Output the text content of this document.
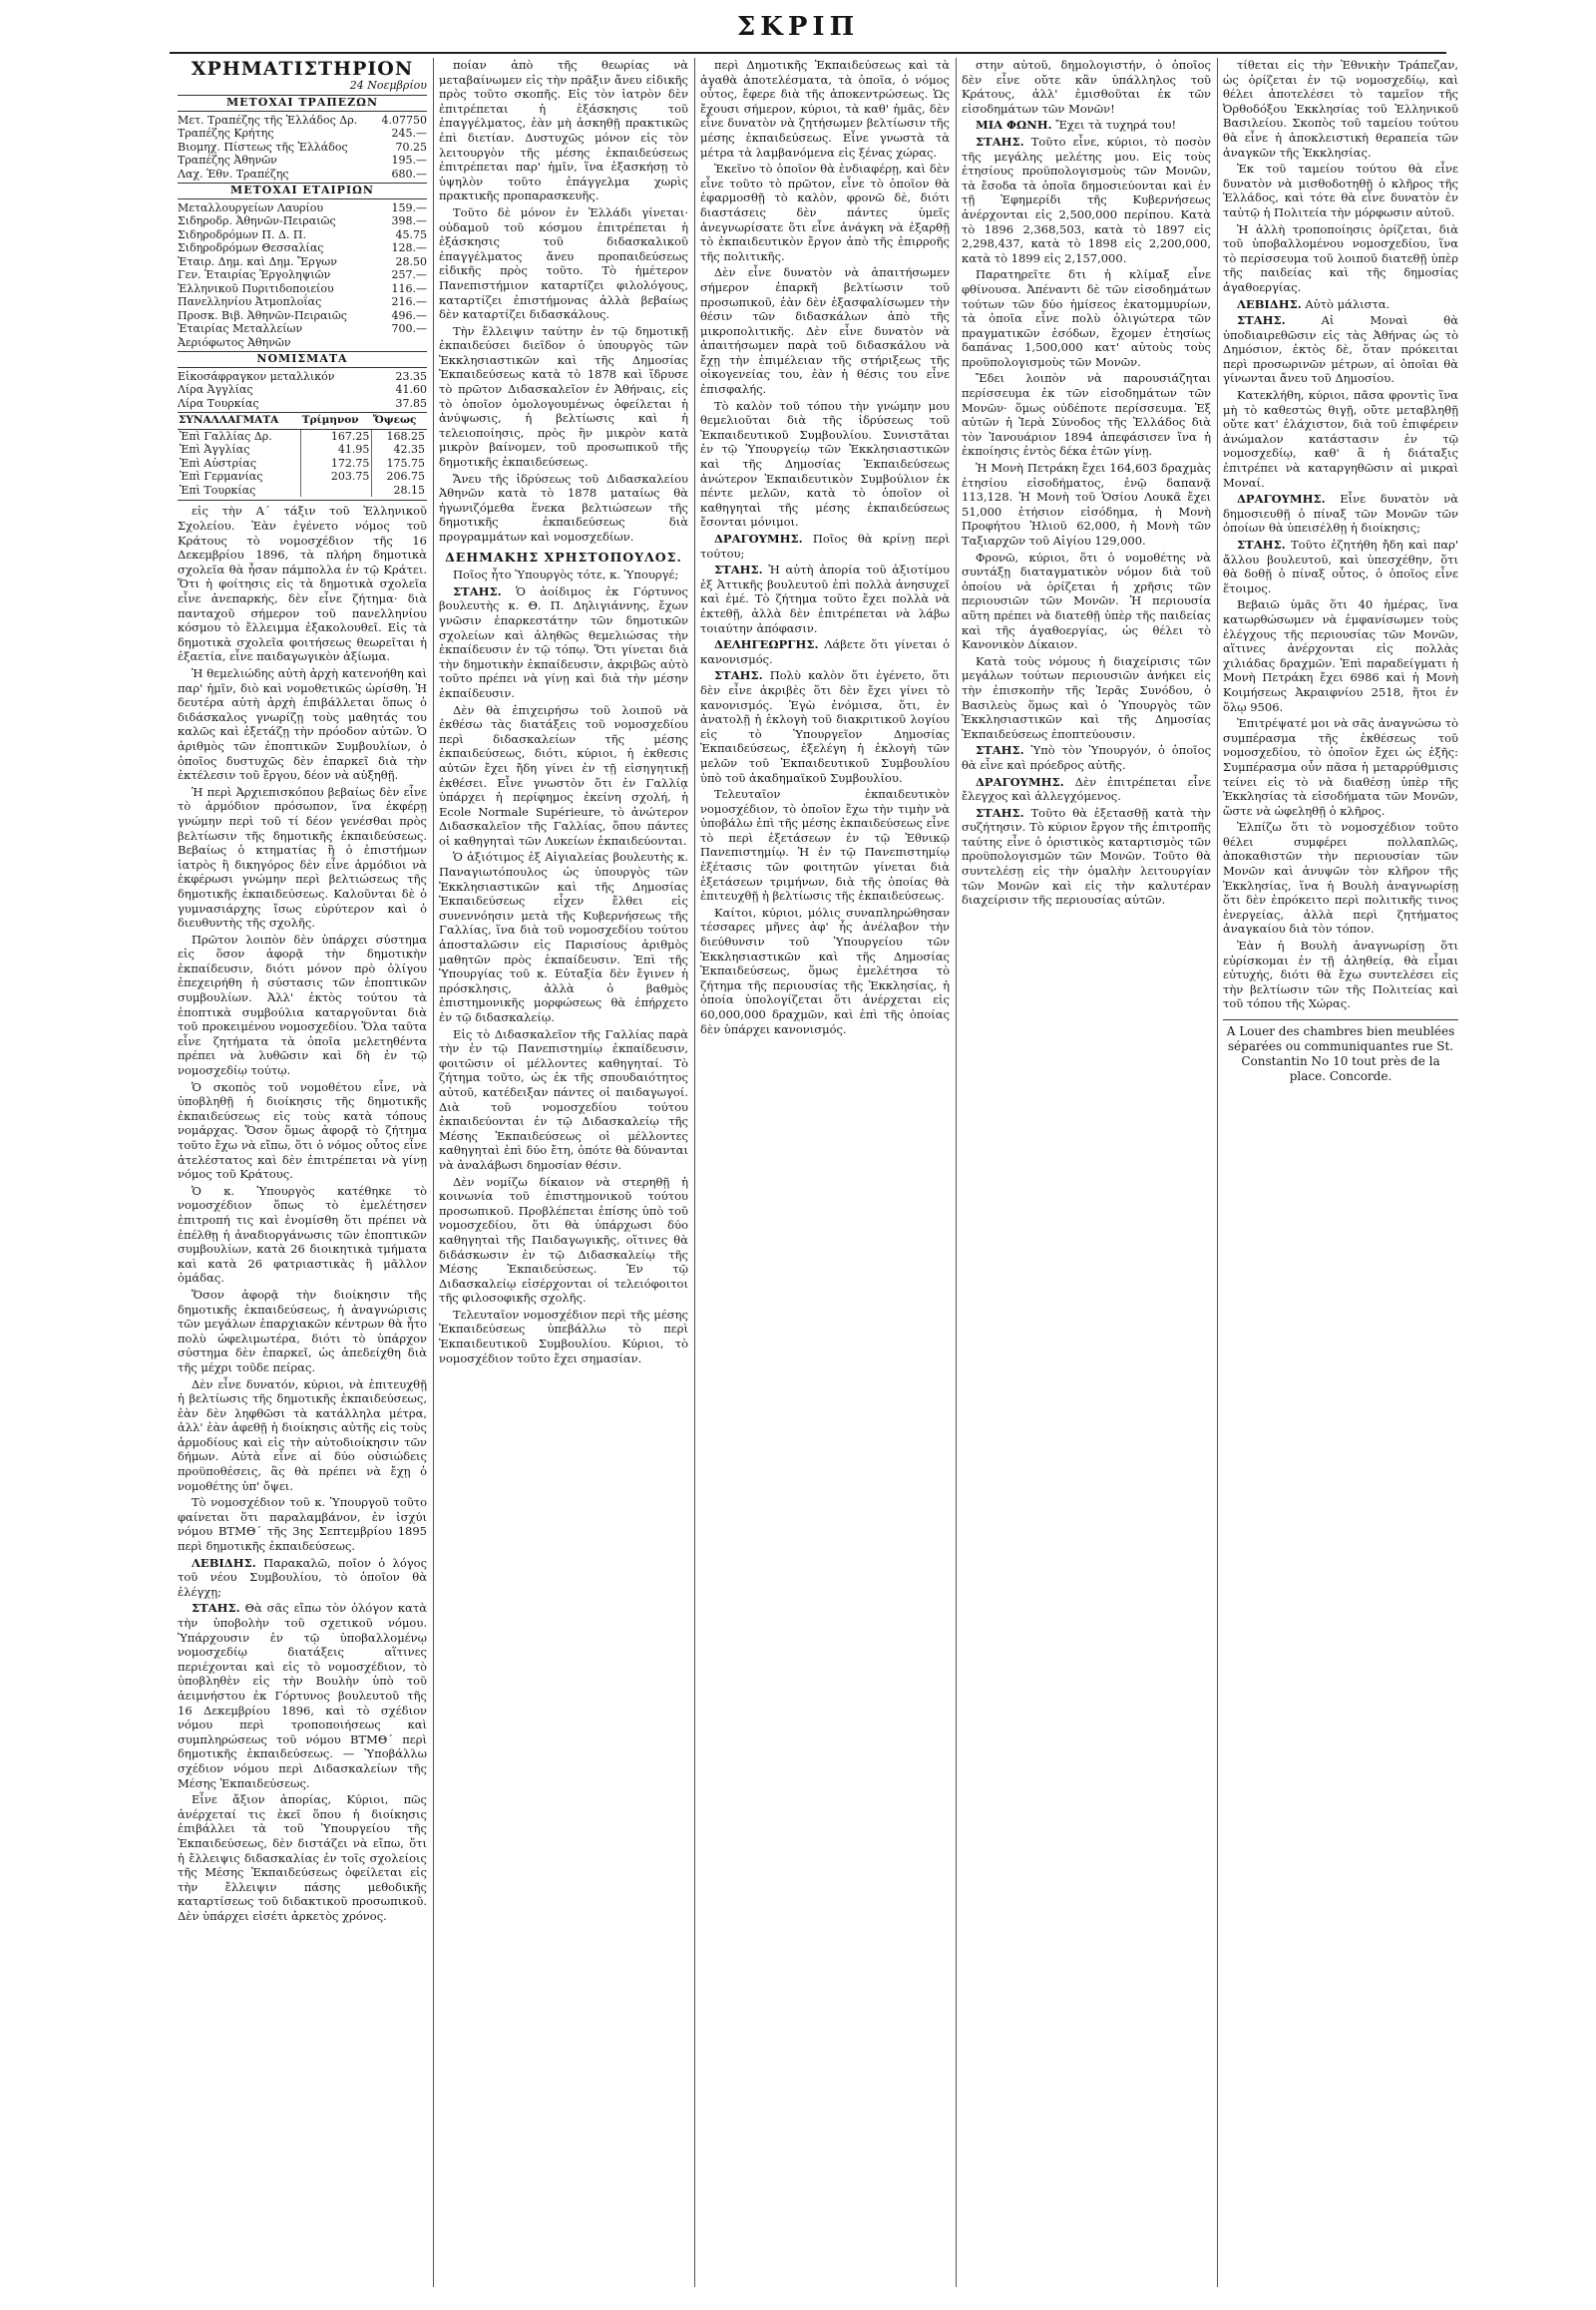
ΣΚΡΙΠ
ΧΡΗΜΑΤΙΣΤΗΡΙΟΝ
24 Νοεμβρίου
ΜΕΤΟΧΑΙ ΤΡΑΠΕΖΩΝ
Μετ. Τραπέζης τῆς Ἑλλάδος Δρ.	4.07750
Τραπέζης Κρήτης	245.—
Βιομηχ. Πίστεως τῆς Ἑλλάδος	70.25
Τραπέζης Ἀθηνῶν	195.—
Λαχ. Ἐθν. Τραπέζης	680.—
ΜΕΤΟΧΑΙ ΕΤΑΙΡΙΩΝ
Μεταλλουργείων Λαυρίου	159.—
Σιδηροδρ. Ἀθηνῶν-Πειραιῶς	398.—
Σιδηροδρόμων Π. Δ. Π.	45.75
Σιδηροδρόμων Θεσσαλίας	128.—
Ἐταιρ. Δημ. καὶ Δημ. Ἔργων	28.50
Γεν. Ἐταιρίας Ἐργοληψιῶν	257.—
Ἑλληνικοῦ Πυριτιδοποιείου	116.—
Πανελληνίου Ἀτμοπλοΐας	216.—
Προσκ. Βιβ. Ἀθηνῶν-Πειραιῶς	496.—
Ἐταιρίας Μεταλλείων	700.—
Ἀεριόφωτος Ἀθηνῶν	
ΝΟΜΙΣΜΑΤΑ
Εἰκοσάφραγκον μεταλλικόν	23.35
Λίρα Ἀγγλίας	41.60
Λίρα Τουρκίας	37.85
ΣΥΝΑΛΛΑΓΜΑΤΑ	Τρίμηνον	Ὄψεως
Ἐπὶ Γαλλίας Δρ.	167.25	168.25
Ἐπὶ Ἀγγλίας	41.95	42.35
Ἐπὶ Αὐστρίας	172.75	175.75
Ἐπὶ Γερμανίας	203.75	206.75
Ἐπὶ Τουρκίας		28.15

εἰς τὴν Α΄ τάξιν τοῦ Ἑλληνικοῦ Σχολείου. Ἐὰν ἐγένετο νόμος τοῦ Κράτους τὸ νομοσχέδιον τῆς 16 Δεκεμβρίου 1896, τὰ πλήρη δημοτικὰ σχολεῖα θὰ ἦσαν πάμπολλα ἐν τῷ Κράτει. Ὅτι ἡ φοίτησις εἰς τὰ δημοτικὰ σχολεῖα εἶνε ἀνεπαρκής, δὲν εἶνε ζήτημα· διὰ πανταχοῦ σήμερον τοῦ πανελληνίου κόσμου τὸ ἔλλειμμα ἐξακολουθεῖ. Εἰς τὰ δημοτικὰ σχολεῖα φοιτήσεως θεωρεῖται ἡ ἐξαετία, εἶνε παιδαγωγικὸν ἀξίωμα.

Ἡ θεμελιώδης αὐτὴ ἀρχὴ κατενοήθη καὶ παρ' ἡμῖν, διὸ καὶ νομοθετικῶς ὠρίσθη. Ἡ δευτέρα αὐτὴ ἀρχὴ ἐπιβάλλεται ὅπως ὁ διδάσκαλος γνωρίζῃ τοὺς μαθητάς του καλῶς καὶ ἐξετάζῃ τὴν πρόοδον αὐτῶν. Ὁ ἀριθμὸς τῶν ἐποπτικῶν Συμβουλίων, ὁ ὁποῖος δυστυχῶς δὲν ἐπαρκεῖ διὰ τὴν ἐκτέλεσιν τοῦ ἔργου, δέον νὰ αὐξηθῇ.

Ἡ περὶ Ἀρχιεπισκόπου βεβαίως δὲν εἶνε τὸ ἁρμόδιον πρόσωπον, ἵνα ἐκφέρῃ γνώμην περὶ τοῦ τί δέον γενέσθαι πρὸς βελτίωσιν τῆς δημοτικῆς ἐκπαιδεύσεως. Βεβαίως ὁ κτηματίας ἢ ὁ ἐπιστήμων ἰατρὸς ἢ δικηγόρος δὲν εἶνε ἁρμόδιοι νὰ ἐκφέρωσι γνώμην περὶ βελτιώσεως τῆς δημοτικῆς ἐκπαιδεύσεως. Καλοῦνται δὲ ὁ γυμνασιάρχης ἴσως εὐρύτερον καὶ ὁ διευθυντὴς τῆς σχολῆς.

Πρῶτον λοιπὸν δὲν ὑπάρχει σύστημα εἰς ὅσον ἀφορᾷ τὴν δημοτικὴν ἐκπαίδευσιν, διότι μόνον πρὸ ὀλίγου ἐπεχειρήθη ἡ σύστασις τῶν ἐποπτικῶν συμβουλίων. Ἀλλ' ἐκτὸς τούτου τὰ ἐποπτικὰ συμβούλια καταργοῦνται διὰ τοῦ προκειμένου νομοσχεδίου. Ὅλα ταῦτα εἶνε ζητήματα τὰ ὁποῖα μελετηθέντα πρέπει νὰ λυθῶσιν καὶ δὴ ἐν τῷ νομοσχεδίῳ τούτῳ.

Ὁ σκοπὸς τοῦ νομοθέτου εἶνε, νὰ ὑποβληθῇ ἡ διοίκησις τῆς δημοτικῆς ἐκπαιδεύσεως εἰς τοὺς κατὰ τόπους νομάρχας. Ὅσον ὅμως ἀφορᾷ τὸ ζήτημα τοῦτο ἔχω νὰ εἴπω, ὅτι ὁ νόμος οὗτος εἶνε ἀτελέστατος καὶ δὲν ἐπιτρέπεται νὰ γίνῃ νόμος τοῦ Κράτους.

Ὁ κ. Ὑπουργὸς κατέθηκε τὸ νομοσχέδιον ὅπως τὸ ἐμελέτησεν ἐπιτροπή τις καὶ ἐνομίσθη ὅτι πρέπει νὰ ἐπέλθῃ ἡ ἀναδιοργάνωσις τῶν ἐποπτικῶν συμβουλίων, κατὰ 26 διοικητικὰ τμήματα καὶ κατὰ 26 φατριαστικὰς ἢ μᾶλλον ὁμάδας.

Ὅσον ἀφορᾷ τὴν διοίκησιν τῆς δημοτικῆς ἐκπαιδεύσεως, ἡ ἀναγνώρισις τῶν μεγάλων ἐπαρχιακῶν κέντρων θὰ ἦτο πολὺ ὠφελιμωτέρα, διότι τὸ ὑπάρχον σύστημα δὲν ἐπαρκεῖ, ὡς ἀπεδείχθη διὰ τῆς μέχρι τοῦδε πείρας.

Δὲν εἶνε δυνατόν, κύριοι, νὰ ἐπιτευχθῇ ἡ βελτίωσις τῆς δημοτικῆς ἐκπαιδεύσεως, ἐὰν δὲν ληφθῶσι τὰ κατάλληλα μέτρα, ἀλλ' ἐὰν ἀφεθῇ ἡ διοίκησις αὐτῆς εἰς τοὺς ἀρμοδίους καὶ εἰς τὴν αὐτοδιοίκησιν τῶν δήμων. Αὐτὰ εἶνε αἱ δύο οὐσιώδεις προϋποθέσεις, ἃς θὰ πρέπει νὰ ἔχῃ ὁ νομοθέτης ὑπ' ὄψει.

Τὸ νομοσχέδιον τοῦ κ. Ὑπουργοῦ τοῦτο φαίνεται ὅτι παραλαμβάνον, ἐν ἰσχύι νόμου ΒΤΜΘ΄ τῆς 3ης Σεπτεμβρίου 1895 περὶ δημοτικῆς ἐκπαιδεύσεως.

ΛΕΒΙΔΗΣ. Παρακαλῶ, ποῖον ὁ λόγος τοῦ νέου Συμβουλίου, τὸ ὁποῖον θὰ ἐλέγχῃ;

ΣΤΑΗΣ. Θὰ σᾶς εἴπω τὸν ὁλόγον κατὰ τὴν ὑποβολὴν τοῦ σχετικοῦ νόμου. Ὑπάρχουσιν ἐν τῷ ὑποβαλλομένῳ νομοσχεδίῳ διατάξεις αἵτινες περιέχονται καὶ εἰς τὸ νομοσχέδιον, τὸ ὑποβληθὲν εἰς τὴν Βουλὴν ὑπὸ τοῦ ἀειμνήστου ἐκ Γόρτυνος βουλευτοῦ τῆς 16 Δεκεμβρίου 1896, καὶ τὸ σχέδιον νόμου περὶ τροποποιήσεως καὶ συμπληρώσεως τοῦ νόμου ΒΤΜΘ΄ περὶ δημοτικῆς ἐκπαιδεύσεως. — Ὑποβάλλω σχέδιον νόμου περὶ Διδασκαλείων τῆς Μέσης Ἐκπαιδεύσεως.

Εἶνε ἄξιον ἀπορίας, Κύριοι, πῶς ἀνέρχεταί τις ἐκεῖ ὅπου ἡ διοίκησις ἐπιβάλλει τὰ τοῦ Ὑπουργείου τῆς Ἐκπαιδεύσεως, δὲν διστάζει νὰ εἴπω, ὅτι ἡ ἔλλειψις διδασκαλίας ἐν τοῖς σχολείοις τῆς Μέσης Ἐκπαιδεύσεως ὀφείλεται εἰς τὴν ἔλλειψιν πάσης μεθοδικῆς καταρτίσεως τοῦ διδακτικοῦ προσωπικοῦ. Δὲν ὑπάρχει εἰσέτι ἀρκετὸς χρόνος.

ποίαν ἀπὸ τῆς θεωρίας νὰ μεταβαίνωμεν εἰς τὴν πρᾶξιν ἄνευ εἰδικῆς πρὸς τοῦτο σκοπῆς. Εἰς τὸν ἰατρὸν δὲν ἐπιτρέπεται ἡ ἐξάσκησις τοῦ ἐπαγγέλματος, ἐὰν μὴ ἀσκηθῇ πρακτικῶς ἐπὶ διετίαν. Δυστυχῶς μόνον εἰς τὸν λειτουργὸν τῆς μέσης ἐκπαιδεύσεως ἐπιτρέπεται παρ' ἡμῖν, ἵνα ἐξασκήσῃ τὸ ὑψηλὸν τοῦτο ἐπάγγελμα χωρὶς πρακτικῆς προπαρασκευῆς.

Τοῦτο δὲ μόνον ἐν Ἑλλάδι γίνεται· οὐδαμοῦ τοῦ κόσμου ἐπιτρέπεται ἡ ἐξάσκησις τοῦ διδασκαλικοῦ ἐπαγγέλματος ἄνευ προπαιδεύσεως εἰδικῆς πρὸς τοῦτο. Τὸ ἡμέτερον Πανεπιστήμιον καταρτίζει φιλολόγους, καταρτίζει ἐπιστήμονας ἀλλὰ βεβαίως δὲν καταρτίζει διδασκάλους.

Τὴν ἔλλειψιν ταύτην ἐν τῷ δημοτικῇ ἐκπαιδεύσει διεῖδον ὁ ὑπουργὸς τῶν Ἐκκλησιαστικῶν καὶ τῆς Δημοσίας Ἐκπαιδεύσεως κατὰ τὸ 1878 καὶ ἵδρυσε τὸ πρῶτον Διδασκαλεῖον ἐν Ἀθήναις, εἰς τὸ ὁποῖον ὁμολογουμένως ὀφείλεται ἡ ἀνύψωσις, ἡ βελτίωσις καὶ ἡ τελειοποίησις, πρὸς ἣν μικρὸν κατὰ μικρὸν βαίνομεν, τοῦ προσωπικοῦ τῆς δημοτικῆς ἐκπαιδεύσεως.

Ἄνευ τῆς ἱδρύσεως τοῦ Διδασκαλείου Ἀθηνῶν κατὰ τὸ 1878 ματαίως θὰ ἠγωνιζόμεθα ἕνεκα βελτιώσεων τῆς δημοτικῆς ἐκπαιδεύσεως διὰ προγραμμάτων καὶ νομοσχεδίων.

ΔΕΗΜΑΚΗΣ ΧΡΗΣΤΟΠΟΥΛΟΣ.

Ποῖος ἦτο Ὑπουργὸς τότε, κ. Ὑπουργέ;

ΣΤΑΗΣ. Ὁ ἀοίδιμος ἐκ Γόρτυνος βουλευτὴς κ. Θ. Π. Δηλιγιάννης, ἔχων γνῶσιν ἐπαρκεστάτην τῶν δημοτικῶν σχολείων καὶ ἀληθῶς θεμελιώσας τὴν ἐκπαίδευσιν ἐν τῷ τόπῳ. Ὅτι γίνεται διὰ τὴν δημοτικὴν ἐκπαίδευσιν, ἀκριβῶς αὐτὸ τοῦτο πρέπει νὰ γίνῃ καὶ διὰ τὴν μέσην ἐκπαίδευσιν.

Δὲν θὰ ἐπιχειρήσω τοῦ λοιποῦ νὰ ἐκθέσω τὰς διατάξεις τοῦ νομοσχεδίου περὶ διδασκαλείων τῆς μέσης ἐκπαιδεύσεως, διότι, κύριοι, ἡ ἐκθεσις αὐτῶν ἔχει ἤδη γίνει ἐν τῇ εἰσηγητικῇ ἐκθέσει. Εἶνε γνωστὸν ὅτι ἐν Γαλλίᾳ ὑπάρχει ἡ περίφημος ἐκείνη σχολή, ἡ Ecole Normale Supérieure, τὸ ἀνώτερον Διδασκαλεῖον τῆς Γαλλίας, ὅπου πάντες οἱ καθηγηταὶ τῶν Λυκείων ἐκπαιδεύονται.

Ὁ ἀξιότιμος ἐξ Αἰγιαλείας βουλευτὴς κ. Παναγιωτόπουλος ὡς ὑπουργὸς τῶν Ἐκκλησιαστικῶν καὶ τῆς Δημοσίας Ἐκπαιδεύσεως εἶχεν ἔλθει εἰς συνεννόησιν μετὰ τῆς Κυβερνήσεως τῆς Γαλλίας, ἵνα διὰ τοῦ νομοσχεδίου τούτου ἀποσταλῶσιν εἰς Παρισίους ἀριθμὸς μαθητῶν πρὸς ἐκπαίδευσιν. Ἐπὶ τῆς Ὑπουργίας τοῦ κ. Εὐταξία δὲν ἔγινεν ἡ πρόσκλησις, ἀλλὰ ὁ βαθμὸς ἐπιστημονικῆς μορφώσεως θὰ ἐπήρχετο ἐν τῷ διδασκαλείῳ.

Εἰς τὸ Διδασκαλεῖον τῆς Γαλλίας παρὰ τὴν ἐν τῷ Πανεπιστημίῳ ἐκπαίδευσιν, φοιτῶσιν οἱ μέλλοντες καθηγηταί. Τὸ ζήτημα τοῦτο, ὡς ἐκ τῆς σπουδαιότητος αὐτοῦ, κατέδειξαν πάντες οἱ παιδαγωγοί. Διὰ τοῦ νομοσχεδίου τούτου ἐκπαιδεύονται ἐν τῷ Διδασκαλείῳ τῆς Μέσης Ἐκπαιδεύσεως οἱ μέλλοντες καθηγηταὶ ἐπὶ δύο ἔτη, ὁπότε θὰ δύνανται νὰ ἀναλάβωσι δημοσίαν θέσιν.

Δὲν νομίζω δίκαιον νὰ στερηθῇ ἡ κοινωνία τοῦ ἐπιστημονικοῦ τούτου προσωπικοῦ. Προβλέπεται ἐπίσης ὑπὸ τοῦ νομοσχεδίου, ὅτι θὰ ὑπάρχωσι δύο καθηγηταὶ τῆς Παιδαγωγικῆς, οἵτινες θὰ διδάσκωσιν ἐν τῷ Διδασκαλείῳ τῆς Μέσης Ἐκπαιδεύσεως. Ἐν τῷ Διδασκαλείῳ εἰσέρχονται οἱ τελειόφοιτοι τῆς φιλοσοφικῆς σχολῆς.

Τελευταῖον νομοσχέδιον περὶ τῆς μέσης Ἐκπαιδεύσεως ὑπεβάλλω τὸ περὶ Ἐκπαιδευτικοῦ Συμβουλίου. Κύριοι, τὸ νομοσχέδιον τοῦτο ἔχει σημασίαν.

περὶ Δημοτικῆς Ἐκπαιδεύσεως καὶ τὰ ἀγαθὰ ἀποτελέσματα, τὰ ὁποῖα, ὁ νόμος οὗτος, ἔφερε διὰ τῆς ἀποκεντρώσεως. Ὡς ἔχουσι σήμερον, κύριοι, τὰ καθ' ἡμᾶς, δὲν εἶνε δυνατὸν νὰ ζητήσωμεν βελτίωσιν τῆς μέσης ἐκπαιδεύσεως. Εἶνε γνωστὰ τὰ μέτρα τὰ λαμβανόμενα εἰς ξένας χώρας.

Ἐκεῖνο τὸ ὁποῖον θὰ ἐνδιαφέρῃ, καὶ δὲν εἶνε τοῦτο τὸ πρῶτον, εἶνε τὸ ὁποῖον θὰ ἐφαρμοσθῇ τὸ καλὸν, φρονῶ δὲ, διότι διαστάσεις δὲν πάντες ὑμεῖς ἀνεγνωρίσατε ὅτι εἶνε ἀνάγκη νὰ ἐξαρθῇ τὸ ἐκπαιδευτικὸν ἔργον ἀπὸ τῆς ἐπιρροῆς τῆς πολιτικῆς.

Δὲν εἶνε δυνατὸν νὰ ἀπαιτήσωμεν σήμερον ἐπαρκῆ βελτίωσιν τοῦ προσωπικοῦ, ἐὰν δὲν ἐξασφαλίσωμεν τὴν θέσιν τῶν διδασκάλων ἀπὸ τῆς μικροπολιτικῆς. Δὲν εἶνε δυνατὸν νὰ ἀπαιτήσωμεν παρὰ τοῦ διδασκάλου νὰ ἔχῃ τὴν ἐπιμέλειαν τῆς στήριξεως τῆς οἰκογενείας του, ἐὰν ἡ θέσις του εἶνε ἐπισφαλής.

Τὸ καλὸν τοῦ τόπου τὴν γνώμην μου θεμελιοῦται διὰ τῆς ἱδρύσεως τοῦ Ἐκπαιδευτικοῦ Συμβουλίου. Συνιστᾶται ἐν τῷ Ὑπουργείῳ τῶν Ἐκκλησιαστικῶν καὶ τῆς Δημοσίας Ἐκπαιδεύσεως ἀνώτερον Ἐκπαιδευτικὸν Συμβούλιον ἐκ πέντε μελῶν, κατὰ τὸ ὁποῖον οἱ καθηγηταὶ τῆς μέσης ἐκπαιδεύσεως ἔσονται μόνιμοι.

ΔΡΑΓΟΥΜΗΣ. Ποῖος θὰ κρίνῃ περὶ τούτου;

ΣΤΑΗΣ. Ἡ αὐτὴ ἀπορία τοῦ ἀξιοτίμου ἐξ Ἀττικῆς βουλευτοῦ ἐπὶ πολλὰ ἀνησυχεῖ καὶ ἐμέ. Τὸ ζήτημα τοῦτο ἔχει πολλὰ νὰ ἐκτεθῇ, ἀλλὰ δὲν ἐπιτρέπεται νὰ λάβω τοιαύτην ἀπόφασιν.

ΔΕΛΗΓΕΩΡΓΗΣ. Λάβετε ὅτι γίνεται ὁ κανονισμός.

ΣΤΑΗΣ. Πολὺ καλὸν ὅτι ἐγένετο, ὅτι δὲν εἶνε ἀκριβὲς ὅτι δὲν ἔχει γίνει τὸ κανονισμός. Ἐγὼ ἐνόμισα, ὅτι, ἐν ἀνατολῇ ἡ ἐκλογὴ τοῦ διακριτικοῦ λογίου εἰς τὸ Ὑπουργεῖον Δημοσίας Ἐκπαιδεύσεως, ἐξελέγη ἡ ἐκλογὴ τῶν μελῶν τοῦ Ἐκπαιδευτικοῦ Συμβουλίου ὑπὸ τοῦ ἀκαδημαϊκοῦ Συμβουλίου.

Τελευταῖον ἐκπαιδευτικὸν νομοσχέδιον, τὸ ὁποῖον ἔχω τὴν τιμὴν νὰ ὑποβάλω ἐπὶ τῆς μέσης ἐκπαιδεύσεως εἶνε τὸ περὶ ἐξετάσεων ἐν τῷ Ἐθνικῷ Πανεπιστημίῳ. Ἡ ἐν τῷ Πανεπιστημίῳ ἐξέτασις τῶν φοιτητῶν γίνεται διὰ ἐξετάσεων τριμήνων, διὰ τῆς ὁποίας θὰ ἐπιτευχθῇ ἡ βελτίωσις τῆς ἐκπαιδεύσεως.

Καίτοι, κύριοι, μόλις συναπληρώθησαν τέσσαρες μῆνες ἀφ' ἧς ἀνέλαβον τὴν διεύθυνσιν τοῦ Ὑπουργείου τῶν Ἐκκλησιαστικῶν καὶ τῆς Δημοσίας Ἐκπαιδεύσεως, ὅμως ἐμελέτησα τὸ ζήτημα τῆς περιουσίας τῆς Ἐκκλησίας, ἡ ὁποία ὑπολογίζεται ὅτι ἀνέρχεται εἰς 60,000,000 δραχμῶν, καὶ ἐπὶ τῆς ὁποίας δὲν ὑπάρχει κανονισμός.

στην αὐτοῦ, δημολογιστήν, ὁ ὁποῖος δὲν εἶνε οὔτε κἂν ὑπάλληλος τοῦ Κράτους, ἀλλ' ἐμισθοῦται ἐκ τῶν εἰσοδημάτων τῶν Μονῶν!

ΜΙΑ ΦΩΝΗ. Ἔχει τὰ τυχηρά του!

ΣΤΑΗΣ. Τοῦτο εἶνε, κύριοι, τὸ ποσὸν τῆς μεγάλης μελέτης μου. Εἰς τοὺς ἐτησίους προϋπολογισμοὺς τῶν Μονῶν, τὰ ἔσοδα τὰ ὁποῖα δημοσιεύονται καὶ ἐν τῇ Ἐφημερίδι τῆς Κυβερνήσεως ἀνέρχονται εἰς 2,500,000 περίπου. Κατὰ τὸ 1896 2,368,503, κατὰ τὸ 1897 εἰς 2,298,437, κατὰ τὸ 1898 εἰς 2,200,000, κατὰ τὸ 1899 εἰς 2,157,000.

Παρατηρεῖτε δτι ἡ κλίμαξ εἶνε φθίνουσα. Ἀπέναντι δὲ τῶν εἰσοδημάτων τούτων τῶν δύο ἡμίσεος ἑκατομμυρίων, τὰ ὁποῖα εἶνε πολὺ ὀλιγώτερα τῶν πραγματικῶν ἐσόδων, ἔχομεν ἐτησίως δαπάνας 1,500,000 κατ' αὐτοὺς τοὺς προϋπολογισμοὺς τῶν Μονῶν.

Ἔδει λοιπὸν νὰ παρουσιάζηται περίσσευμα ἐκ τῶν εἰσοδημάτων τῶν Μονῶν· ὅμως οὐδέποτε περίσσευμα. Ἐξ αὐτῶν ἡ Ἱερὰ Σύνοδος τῆς Ἑλλάδος διὰ τὸν Ἰανουάριον 1894 ἀπεφάσισεν ἵνα ἡ ἐκποίησις ἐντὸς δέκα ἐτῶν γίνῃ.

Ἡ Μονὴ Πετράκη ἔχει 164,603 δραχμὰς ἐτησίου εἰσοδήματος, ἐνῷ δαπανᾷ 113,128. Ἡ Μονὴ τοῦ Ὁσίου Λουκᾶ ἔχει 51,000 ἐτήσιον εἰσόδημα, ἡ Μονὴ Προφήτου Ἠλιοῦ 62,000, ἡ Μονὴ τῶν Ταξιαρχῶν τοῦ Αἰγίου 129,000.

Φρονῶ, κύριοι, ὅτι ὁ νομοθέτης νὰ συντάξῃ διαταγματικὸν νόμον διὰ τοῦ ὁποίου νὰ ὁρίζεται ἡ χρῆσις τῶν περιουσιῶν τῶν Μονῶν. Ἡ περιουσία αὕτη πρέπει νὰ διατεθῇ ὑπὲρ τῆς παιδείας καὶ τῆς ἀγαθοεργίας, ὡς θέλει τὸ Κανονικὸν Δίκαιον.

Κατὰ τοὺς νόμους ἡ διαχείρισις τῶν μεγάλων τούτων περιουσιῶν ἀνήκει εἰς τὴν ἐπισκοπὴν τῆς Ἱερᾶς Συνόδου, ὁ Βασιλεὺς ὅμως καὶ ὁ Ὑπουργὸς τῶν Ἐκκλησιαστικῶν καὶ τῆς Δημοσίας Ἐκπαιδεύσεως ἐποπτεύουσιν.

ΣΤΑΗΣ. Ὑπὸ τὸν Ὑπουργόν, ὁ ὁποῖος θὰ εἶνε καὶ πρόεδρος αὐτῆς.

ΔΡΑΓΟΥΜΗΣ. Δὲν ἐπιτρέπεται εἶνε ἔλεγχος καὶ ἀλλεγχόμενος.

ΣΤΑΗΣ. Τοῦτο θὰ ἐξετασθῇ κατὰ τὴν συζήτησιν. Τὸ κύριον ἔργον τῆς ἐπιτροπῆς ταύτης εἶνε ὁ ὁριστικὸς καταρτισμὸς τῶν προϋπολογισμῶν τῶν Μονῶν. Τοῦτο θὰ συντελέσῃ εἰς τὴν ὁμαλὴν λειτουργίαν τῶν Μονῶν καὶ εἰς τὴν καλυτέραν διαχείρισιν τῆς περιουσίας αὐτῶν.

τίθεται εἰς τὴν Ἐθνικὴν Τράπεζαν, ὡς ὁρίζεται ἐν τῷ νομοσχεδίῳ, καὶ θέλει ἀποτελέσει τὸ ταμεῖον τῆς Ὀρθοδόξου Ἐκκλησίας τοῦ Ἑλληνικοῦ Βασιλείου. Σκοπὸς τοῦ ταμείου τούτου θὰ εἶνε ἡ ἀποκλειστικὴ θεραπεία τῶν ἀναγκῶν τῆς Ἐκκλησίας.

Ἐκ τοῦ ταμείου τούτου θὰ εἶνε δυνατὸν νὰ μισθοδοτηθῇ ὁ κλῆρος τῆς Ἑλλάδος, καὶ τότε θὰ εἶνε δυνατὸν ἐν ταὐτῷ ἡ Πολιτεία τὴν μόρφωσιν αὐτοῦ.

Ἡ ἀλλὴ τροποποίησις ὁρίζεται, διὰ τοῦ ὑποβαλλομένου νομοσχεδίου, ἵνα τὸ περίσσευμα τοῦ λοιποῦ διατεθῇ ὑπὲρ τῆς παιδείας καὶ τῆς δημοσίας ἀγαθοεργίας.

ΛΕΒΙΔΗΣ. Αὐτὸ μάλιστα.

ΣΤΑΗΣ.	Αἱ Μοναὶ θὰ ὑποδιαιρεθῶσιν εἰς τὰς Ἀθήνας ὡς τὸ Δημόσιον, ἐκτὸς δὲ, ὅταν πρόκειται περὶ προσωρινῶν μέτρων, αἱ ὁποῖαι θὰ γίνωνται ἄνευ τοῦ Δημοσίου.

Κατεκλήθη, κύριοι, πᾶσα φροντὶς ἵνα μὴ τὸ καθεστὼς θιγῇ, οὔτε μεταβληθῇ οὔτε κατ' ἐλάχιστον, διὰ τοῦ ἐπιφέρειν ἀνώμαλον κατάστασιν ἐν τῷ νομοσχεδίῳ, καθ' ἃ ἡ διάταξις ἐπιτρέπει νὰ καταργηθῶσιν αἱ μικραὶ Μοναί.

ΔΡΑΓΟΥΜΗΣ. Εἶνε δυνατὸν νὰ δημοσιευθῇ ὁ πίναξ τῶν Μονῶν τῶν ὁποίων θὰ ὑπεισέλθῃ ἡ διοίκησις;

ΣΤΑΗΣ. Τοῦτο ἐζητήθη ἤδη καὶ παρ' ἄλλου βουλευτοῦ, καὶ ὑπεσχέθην, ὅτι θὰ δοθῇ ὁ πίναξ οὗτος, ὁ ὁποῖος εἶνε ἕτοιμος.

Βεβαιῶ ὑμᾶς ὅτι 40 ἡμέρας, ἵνα κατωρθώσωμεν νὰ ἐμφανίσωμεν τοὺς ἐλέγχους τῆς περιουσίας τῶν Μονῶν, αἵτινες ἀνέρχονται εἰς πολλὰς χιλιάδας δραχμῶν. Ἐπὶ παραδείγματι ἡ Μονὴ Πετράκη ἔχει 6986 καὶ ἡ Μονὴ Κοιμήσεως Ἀκραιφνίου 2518, ἥτοι ἐν ὅλῳ 9506.

Ἐπιτρέψατέ μοι νὰ σᾶς ἀναγνώσω τὸ συμπέρασμα τῆς ἐκθέσεως τοῦ νομοσχεδίου, τὸ ὁποῖον ἔχει ὡς ἑξῆς: Συμπέρασμα οὖν πᾶσα ἡ μεταρρύθμισις τείνει εἰς τὸ νὰ διαθέσῃ ὑπὲρ τῆς Ἐκκλησίας τὰ εἰσοδήματα τῶν Μονῶν, ὥστε νὰ ὠφεληθῇ ὁ κλῆρος.

Ἐλπίζω ὅτι τὸ νομοσχέδιον τοῦτο θέλει συμφέρει πολλαπλῶς, ἀποκαθιστῶν τὴν περιουσίαν τῶν Μονῶν καὶ ἀνυψῶν τὸν κλῆρον τῆς Ἐκκλησίας, ἵνα ἡ Βουλὴ ἀναγνωρίσῃ ὅτι δὲν ἐπρόκειτο περὶ πολιτικῆς τινος ἐνεργείας, ἀλλὰ περὶ ζητήματος ἀναγκαίου διὰ τὸν τόπον.

Ἐὰν ἡ Βουλὴ ἀναγνωρίσῃ ὅτι εὐρίσκομαι ἐν τῇ ἀληθείᾳ, θὰ εἶμαι εὐτυχής, διότι θὰ ἔχω συντελέσει εἰς τὴν βελτίωσιν τῶν τῆς Πολιτείας καὶ τοῦ τόπου τῆς Χώρας.

A Louer des chambres bien meublées séparées ou communiquantes rue St. Constantin No 10 tout près de la place. Concorde.
